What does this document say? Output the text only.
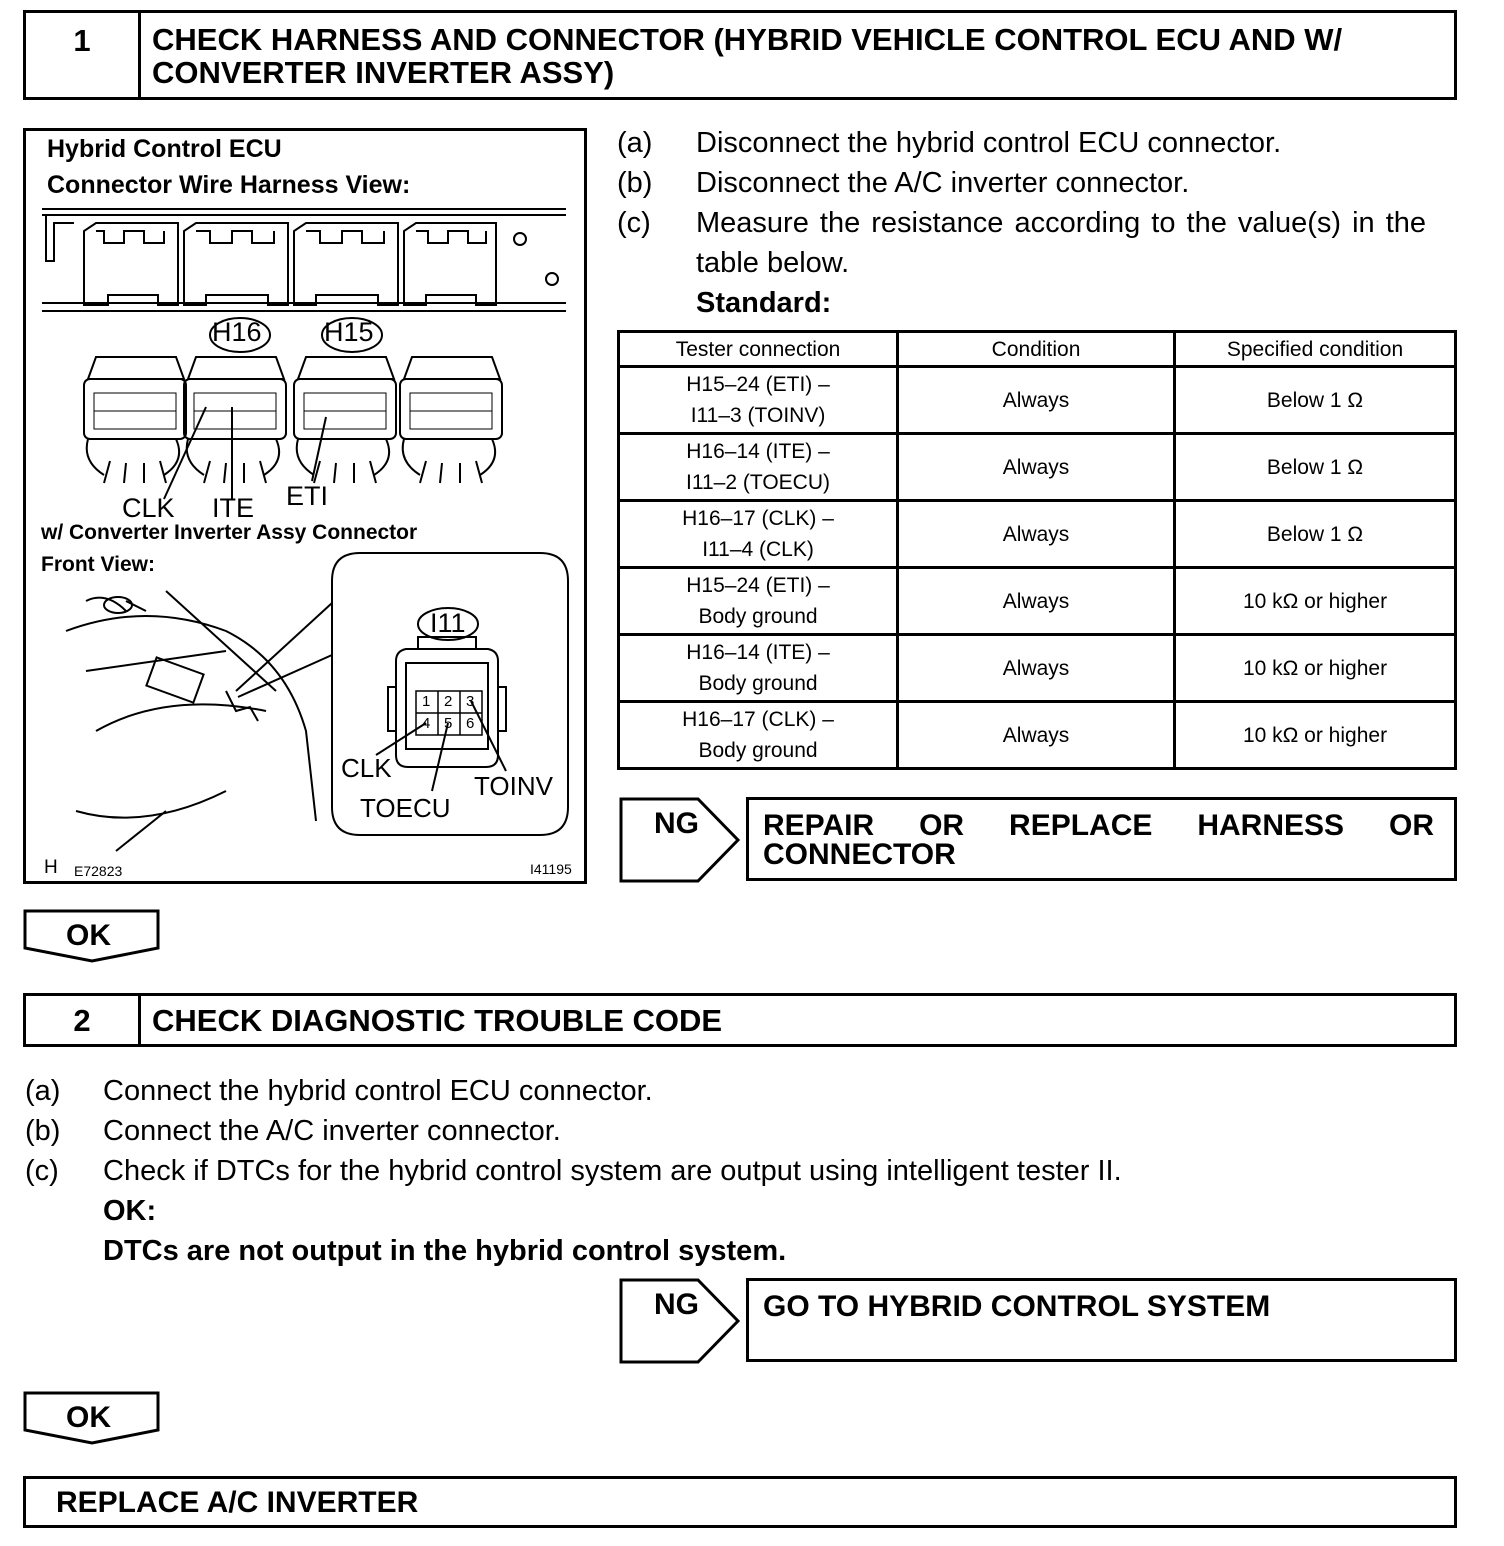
1	CHECK HARNESS AND CONNECTOR (HYBRID VEHICLE CONTROL ECU AND W/ CONVERTER INVERTER ASSY)
Hybrid Control ECU
Connector Wire Harness View:
H16 H15
CLK ITE ETI
w/ Converter Inverter Assy Connector
Front View:
I11
1 2 3
4 5 6
CLK
TOECU
TOINV
H E72823	I41195
(a) Disconnect the hybrid control ECU connector.
(b) Disconnect the A/C inverter connector.
(c) Measure the resistance according to the value(s) in the
table below.
Standard:
Tester connection	Condition	Specified condition

H15–24 (ETI) –
I11–3 (TOINV)	Always	Below 1 Ω

H16–14 (ITE) –
I11–2 (TOECU)	Always	Below 1 Ω

H16–17 (CLK) –
I11–4 (CLK)	Always	Below 1 Ω

H15–24 (ETI) –
Body ground	Always	10 kΩ or higher

H16–14 (ITE) –
Body ground	Always	10 kΩ or higher

H16–17 (CLK) –
Body ground	Always	10 kΩ or higher
NG REPAIR OR REPLACE HARNESS OR
CONNECTOR
OK
2	CHECK DIAGNOSTIC TROUBLE CODE
(a) Connect the hybrid control ECU connector.
(b) Connect the A/C inverter connector.
(c) Check if DTCs for the hybrid control system are output using intelligent tester II.
OK:
DTCs are not output in the hybrid control system.
NG GO TO HYBRID CONTROL SYSTEM
OK
REPLACE A/C INVERTER
